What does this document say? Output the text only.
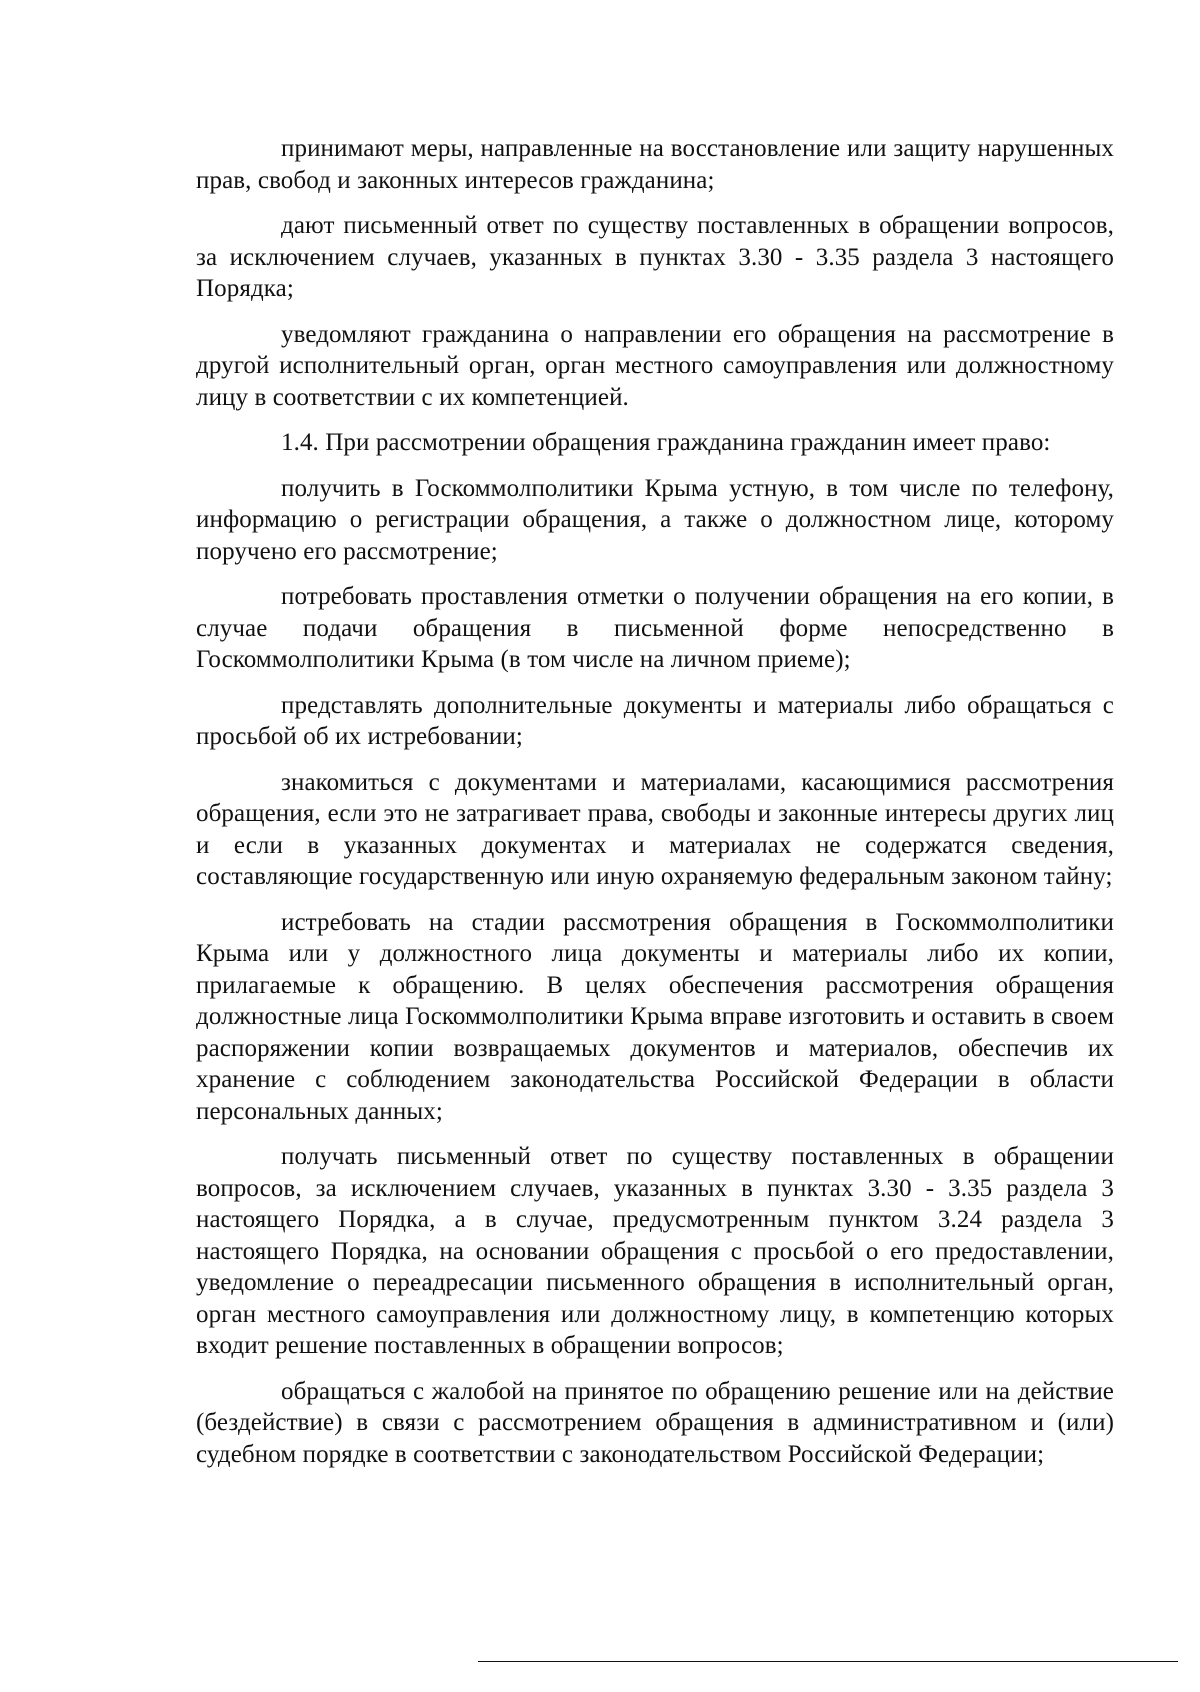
принимают меры, направленные на восстановление или защиту нарушенных прав, свобод и законных интересов гражданина;

дают письменный ответ по существу поставленных в обращении вопросов, за исключением случаев, указанных в пунктах 3.30 - 3.35 раздела 3 настоящего Порядка;

уведомляют гражданина о направлении его обращения на рассмотрение в другой исполнительный орган, орган местного самоуправления или должностному лицу в соответствии с их компетенцией.

1.4. При рассмотрении обращения гражданина гражданин имеет право:

получить в Госкоммолполитики Крыма устную, в том числе по телефону, информацию о регистрации обращения, а также о должностном лице, которому поручено его рассмотрение;

потребовать проставления отметки о получении обращения на его копии, в случае подачи обращения в письменной форме непосредственно в Госкоммолполитики Крыма (в том числе на личном приеме);

представлять дополнительные документы и материалы либо обращаться с просьбой об их истребовании;

знакомиться с документами и материалами, касающимися рассмотрения обращения, если это не затрагивает права, свободы и законные интересы других лиц и если в указанных документах и материалах не содержатся сведения, составляющие государственную или иную охраняемую федеральным законом тайну;

истребовать на стадии рассмотрения обращения в Госкоммолполитики Крыма или у должностного лица документы и материалы либо их копии, прилагаемые к обращению. В целях обеспечения рассмотрения обращения должностные лица Госкоммолполитики Крыма вправе изготовить и оставить в своем распоряжении копии возвращаемых документов и материалов, обеспечив их хранение с соблюдением законодательства Российской Федерации в области персональных данных;

получать письменный ответ по существу поставленных в обращении вопросов, за исключением случаев, указанных в пунктах 3.30 - 3.35 раздела 3 настоящего Порядка, а в случае, предусмотренным пунктом 3.24 раздела 3 настоящего Порядка, на основании обращения с просьбой о его предоставлении, уведомление о переадресации письменного обращения в исполнительный орган, орган местного самоуправления или должностному лицу, в компетенцию которых входит решение поставленных в обращении вопросов;

обращаться с жалобой на принятое по обращению решение или на действие (бездействие) в связи с рассмотрением обращения в административном и (или) судебном порядке в соответствии с законодательством Российской Федерации;
